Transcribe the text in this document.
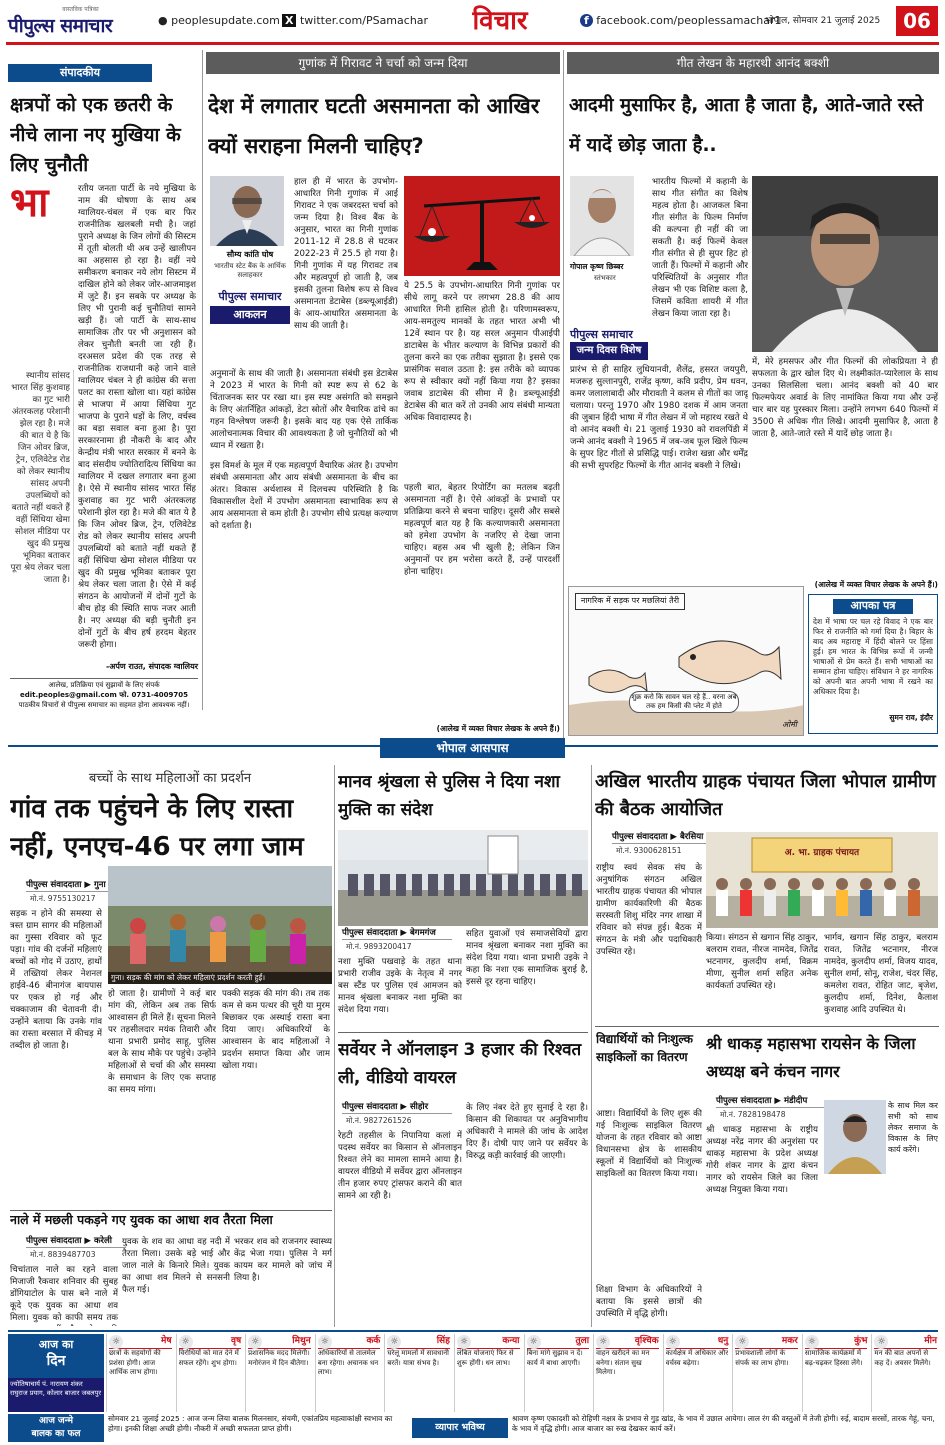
वास्तविक पत्रिका
पीपुल्स समाचार	● peoplesupdate.com X twitter.com/PSamachar	विचार	f facebook.com/peoplessamachar1
भोपाल, सोमवार 21 जुलाई 2025	06
संपादकीय
क्षत्रपों को एक छतरी के नीचे लाना नए मुखिया के लिए चुनौती
भा	रतीय जनता पार्टी के नये मुखिया के नाम की घोषणा के साथ अब ग्वालियर-चंबल में एक बार फिर राजनीतिक खलबली मची है। जहां पुराने अध्यक्ष के जिन लोगों की सिस्टम में तूती बोलती थी अब उन्हें खालीपन का अहसास हो रहा है। वहीं नये समीकरण बनाकर नये लोग सिस्टम में दाखिल होने को लेकर जोर-आजमाइश में जुटे हैं। इन सबके पर अध्यक्ष के लिए भी पुरानी कई चुनौतियां सामने खड़ी हैं। जो पार्टी के साथ-साथ सामाजिक तौर पर भी अनुशासन को लेकर चुनौती बनती जा रही हैं। दरअसल प्रदेश की एक तरह से राजनीतिक राजधानी कहे जाने वाले ग्वालियर चंबल ने ही कांग्रेस की सत्ता पलट का रास्ता खोला था। यहां कांग्रेस से भाजपा में आया सिंधिया गुट भाजपा के पुराने धड़ों के लिए, वर्चस्व का बड़ा सवाल बना हुआ है। पूरा सरकारनामा ही नौकरी के बाद और केन्द्रीय मंत्री भारत सरकार में बनने के बाद संसदीय ज्योतिरादित्य सिंधिया का ग्वालियर में दखल लगातार बना हुआ है। ऐसे में स्थानीय सांसद भारत सिंह कुशवाह का गुट भारी अंतरकलह परेशानी झेल रहा है। मजे की बात ये है कि जिन ओवर ब्रिज, ट्रेन, एलिवेटेड रोड को लेकर स्थानीय सांसद अपनी उपलब्धियों को बताते नहीं थकते हैं वहीं सिंधिया खेमा सोशल मीडिया पर खुद की प्रमुख भूमिका बताकर पूरा श्रेय लेकर चला जाता है। ऐसे में कई संगठन के आयोजनों में दोनों गुटों के बीच होड़ की स्थिति साफ नजर आती है। नए अध्यक्ष की बड़ी चुनौती इन दोनों गुटों के बीच हर्ष हरदम बेहतर जरूरी होगा।
स्थानीय सांसद भारत सिंह कुशवाह का गुट भारी अंतरकलह परेशानी झेल रहा है। मजे की बात ये है कि जिन ओवर ब्रिज, ट्रेन, एलिवेटेड रोड को लेकर स्थानीय सांसद अपनी उपलब्धियों को बताते नहीं थकते हैं वहीं सिंधिया खेमा सोशल मीडिया पर खुद की प्रमुख भूमिका बताकर पूरा श्रेय लेकर चला जाता है।
-अर्पण राउत, संपादक ग्वालियर
आलेख, प्रतिक्रिया एवं सुझावों के लिए संपर्क
edit.peoples@gmail.com फो. 0731-4009705
पाठकीय विचारों से पीपुल्स समाचार का सहमत होना आवश्यक नहीं।
गुणांक में गिरावट ने चर्चा को जन्म दिया
देश में लगातार घटती असमानता को आखिर क्यों सराहना मिलनी चाहिए?
सौम्य कांति घोष
भारतीय स्टेट बैंक के आर्थिक सलाहकार
पीपुल्स समाचार
आकलन
हाल ही में भारत के उपभोग-आधारित गिनी गुणांक में आई गिरावट ने एक जबरदस्त चर्चा को जन्म दिया है। विश्व बैंक के अनुसार, भारत का गिनी गुणांक 2011-12 में 28.8 से घटकर 2022-23 में 25.5 हो गया है। गिनी गुणांक में यह गिरावट तब और महत्वपूर्ण हो जाती है, जब इसकी तुलना विशेष रूप से विश्व असमानता डेटाबेस (डब्ल्यूआईडी) के आय-आधारित असमानता के साथ की जाती है।
अनुमानों के साथ की जाती है। असमानता संबंधी इस डेटाबेस ने 2023 में भारत के गिनी को स्पष्ट रूप से 62 के चिंताजनक स्तर पर रखा था। इस स्पष्ट असंगति को समझने के लिए अंतर्निहित आंकड़ों, डेटा स्रोतों और वैचारिक ढांचे का गहन विश्लेषण जरूरी है। इसके बाद यह एक ऐसे तार्किक आलोचनात्मक विचार की आवश्यकता है जो चुनौतियों को भी ध्यान में रखता है।
इस विमर्श के मूल में एक महत्वपूर्ण वैचारिक अंतर है। उपभोग संबंधी असमानता और आय संबंधी असमानता के बीच का अंतर। विकास अर्थशास्त्र में दिलचस्प परिस्थिति है कि विकासशील देशों में उपभोग असमानता स्वाभाविक रूप से आय असमानता से कम होती है। उपभोग सीधे प्रत्यक्ष कल्याण को दर्शाता है।
ये 25.5 के उपभोग-आधारित गिनी गुणांक पर सीधे लागू करने पर लगभग 28.8 की आय आधारित गिनी हासिल होती है। परिणामस्वरूप, आय-समतुल्य मानकों के तहत भारत अभी भी 12वें स्थान पर है। यह सरल अनुमान पीआईपी डाटाबेस के भीतर कल्याण के विभिन्न प्रकारों की तुलना करने का एक तरीका सुझाता है। इससे एक प्रासंगिक सवाल उठता है: इस तरीके को व्यापक रूप से स्वीकार क्यों नहीं किया गया है? इसका जवाब डाटाबेस की सीमा में है। डब्ल्यूआईडी डेटाबेस की बात करें तो उनकी आय संबंधी मान्यता अधिक विवादास्पद है।
पहली बात, बेहतर रिपोर्टिंग का मतलब बढ़ती असमानता नहीं है। ऐसे आंकड़ों के प्रभावों पर प्रतिक्रिया करने से बचना चाहिए। दूसरी और सबसे महत्वपूर्ण बात यह है कि कल्याणकारी असमानता को हमेशा उपभोग के नजरिए से देखा जाना चाहिए। बहस अब भी खुली है; लेकिन जिन अनुमानों पर हम भरोसा करते हैं, उन्हें पारदर्शी होना चाहिए।
(आलेख में व्यक्त विचार लेखक के अपने हैं।)
गीत लेखन के महारथी आनंद बक्शी
आदमी मुसाफिर है, आता है जाता है, आते-जाते रस्ते में यादें छोड़ जाता है..
गोपाल कृष्ण छिब्बर
स्तंभकार
भारतीय फिल्मों में कहानी के साथ गीत संगीत का विशेष महत्व होता है। आजकल बिना गीत संगीत के फिल्म निर्माण की कल्पना ही नहीं की जा सकती है। कई फिल्में केवल गीत संगीत से ही सुपर हिट हो जाती हैं। फिल्मों में कहानी और परिस्थितियों के अनुसार गीत लेखन भी एक विशिष्ट कला है, जिसमें कविता शायरी में गीत लेखन किया जाता रहा है।
पीपुल्स समाचार
जन्म दिवस विशेष
प्रारंभ से ही साहिर लुधियानवी, शैलेंद्र, हसरत जयपुरी, मजरूह सुल्तानपुरी, राजेंद्र कृष्ण, कवि प्रदीप, प्रेम धवन, कमर जलालाबादी और मौरावती ने कलम से गीतों का जादू चलाया। परन्तु 1970 और 1980 दशक में आम जनता की जुबान हिंदी भाषा में गीत लेखन में जो महारथ रखते थे वो आनंद बक्शी थे। 21 जुलाई 1930 को रावलपिंडी में जन्मे आनंद बक्शी ने 1965 में जब-जब फूल खिले फिल्म के सुपर हिट गीतों से प्रसिद्धि पाई। राजेश खन्ना और धर्मेंद्र की सभी सुपरहिट फिल्मों के गीत आनंद बक्शी ने लिखे।
में, मेरे हमसफर और गीत फिल्मों की लोकप्रियता ने ही सफलता के द्वार खोल दिए थे। लक्ष्मीकांत-प्यारेलाल के साथ उनका सिलसिला चला। आनंद बक्शी को 40 बार फिल्मफेयर अवार्ड के लिए नामांकित किया गया और उन्हें चार बार यह पुरस्कार मिला। उन्होंने लगभग 640 फिल्मों में 3500 से अधिक गीत लिखे। आदमी मुसाफिर है, आता है जाता है, आते-जाते रस्ते में यादें छोड़ जाता है।
(आलेख में व्यक्त विचार लेखक के अपने हैं।)
नागरिक में सड़क पर मछलियां तैरी
शुक्र करो कि सावन चल रहे हैं.. वरना अब तक हम किसी की प्लेट में होते
ओमी
आपका पत्र
देश में भाषा पर चल रहे विवाद ने एक बार फिर से राजनीति को गर्मा दिया है। बिहार के बाद अब महाराष्ट्र में हिंदी बोलने पर हिंसा हुई। हम भारत के विभिन्न रूपों में जन्मी भाषाओं से प्रेम करते हैं। सभी भाषाओं का सम्मान होना चाहिए। संविधान ने हर नागरिक को अपनी बात अपनी भाषा में रखने का अधिकार दिया है।
सुमन राव, इंदौर
भोपाल आसपास
बच्चों के साथ महिलाओं का प्रदर्शन
गांव तक पहुंचने के लिए रास्ता नहीं, एनएच-46 पर लगा जाम
पीपुल्स संवाददाता ▶ गुना
मो.नं. 9755130217
सड़क न होने की समस्या से त्रस्त ग्राम सागर की महिलाओं का गुस्सा रविवार को फूट पड़ा। गांव की दर्जनों महिलाएं बच्चों को गोद में उठाए, हाथों में तख्तियां लेकर नेशनल हाईवे-46 बीनागंज बायपास पर एकत्र हो गई और चक्काजाम की चेतावनी दी। उन्होंने बताया कि उनके गांव का रास्ता बरसात में कीचड़ में तब्दील हो जाता है।
गुना। सड़क की मांग को लेकर महिलाएं प्रदर्शन करती हुईं।
हो जाता है। ग्रामीणों ने कई बार मांग की, लेकिन अब तक सिर्फ आश्वासन ही मिले हैं। सूचना मिलने पर तहसीलदार मयंक तिवारी और थाना प्रभारी प्रमोद साहू, पुलिस बल के साथ मौके पर पहुंचे। उन्होंने महिलाओं से चर्चा की और समस्या के समाधान के लिए एक सप्ताह का समय मांगा।
पक्की सड़क की मांग की। तब तक कम से कम पत्थर की चूरी या मुरम बिछाकर एक अस्थाई रास्ता बना दिया जाए। अधिकारियों के आश्वासन के बाद महिलाओं ने प्रदर्शन समाप्त किया और जाम खोला गया।
नाले में मछली पकड़ने गए युवक का आधा शव तैरता मिला
पीपुल्स संवाददाता ▶ करेली
मो.नं. 8839487703
चिचांताल नाले का रहने वाला मिजाजी रैकवार शनिवार की सुबह डोंगियाटोल के पास बने नाले में कूदे एक युवक का आधा शव मिला। युवक को काफी समय तक
युवक के शव का आधा वह नदी में तैरता मिला। उसके बड़े भाई और जाल नाले के किनारे मिले। युवक का आधा शव मिलने से सनसनी फैल गई।
भरकर शव को राजनगर स्वास्थ्य केंद्र भेजा गया। पुलिस ने मर्ग कायम कर मामले को जांच में लिया है।
मानव श्रृंखला से पुलिस ने दिया नशा मुक्ति का संदेश
पीपुल्स संवाददाता ▶ बेगमगंज
मो.नं. 9893200417
नशा मुक्ति पखवाड़े के तहत थाना प्रभारी राजीव उइके के नेतृत्व में नगर बस स्टैंड पर पुलिस एवं आमजन को मानव श्रृंखला बनाकर नशा मुक्ति का संदेश दिया गया।
सहित युवाओं एवं समाजसेवियों द्वारा मानव श्रृंखला बनाकर नशा मुक्ति का संदेश दिया गया। थाना प्रभारी उइके ने कहा कि नशा एक सामाजिक बुराई है, इससे दूर रहना चाहिए।
सर्वेयर ने ऑनलाइन 3 हजार की रिश्वत ली, वीडियो वायरल
पीपुल्स संवाददाता ▶ सीहोर
मो.नं. 9827261526
रेहटी तहसील के निपानिया कलां में पदस्थ सर्वेयर का किसान से ऑनलाइन रिश्वत लेने का मामला सामने आया है। वायरल वीडियो में सर्वेयर द्वारा ऑनलाइन तीन हजार रुपए ट्रांसफर कराने की बात सामने आ रही है।
के लिए नंबर देते हुए सुनाई दे रहा है। किसान की शिकायत पर अनुविभागीय अधिकारी ने मामले की जांच के आदेश दिए हैं। दोषी पाए जाने पर सर्वेयर के विरुद्ध कड़ी कार्रवाई की जाएगी।
अखिल भारतीय ग्राहक पंचायत जिला भोपाल ग्रामीण की बैठक आयोजित
पीपुल्स संवाददाता ▶ बैरसिया
मो.नं. 9300628151
राष्ट्रीय स्वयं सेवक संघ के अनुषांगिक संगठन अखिल भारतीय ग्राहक पंचायत की भोपाल ग्रामीण कार्यकारिणी की बैठक सरस्वती शिशु मंदिर नगर शाखा में रविवार को संपन्न हुई। बैठक में संगठन के मंत्री और पदाधिकारी उपस्थित रहे।
अ. भा. ग्राहक पंचायत
किया। संगठन से खगान सिंह ठाकुर, बलराम रावत, नीरज नामदेव, जितेंद्र भटनागर, कुलदीप शर्मा, विक्रम मीणा, सुनील शर्मा सहित अनेक कार्यकर्ता उपस्थित रहे।
भार्गव, खगान सिंह ठाकुर, बलराम रावत, जितेंद्र भटनागर, नीरज नामदेव, कुलदीप शर्मा, विजय यादव, सुनील शर्मा, सोनू, राजेश, चंदर सिंह, कमलेश रावत, रोहित जाट, बृजेश, कुलदीप शर्मा, दिनेश, कैलाश कुशवाह आदि उपस्थित थे।
विद्यार्थियों को निःशुल्क साइकिलों का वितरण
आष्टा। विद्यार्थियों के लिए शुरू की गई निःशुल्क साइकिल वितरण योजना के तहत रविवार को आष्टा विधानसभा क्षेत्र के शासकीय स्कूलों में विद्यार्थियों को निःशुल्क साइकिलों का वितरण किया गया।
शिक्षा विभाग के अधिकारियों ने बताया कि इससे छात्रों की उपस्थिति में वृद्धि होगी।
श्री धाकड़ महासभा रायसेन के जिला अध्यक्ष बने कंचन नागर
पीपुल्स संवाददाता ▶ मंडीदीप
मो.नं. 7828198478
श्री धाकड़ महासभा के राष्ट्रीय अध्यक्ष नरेंद्र नागर की अनुशंसा पर धाकड़ महासभा के प्रदेश अध्यक्ष गोरी शंकर नागर के द्वारा कंचन नागर को रायसेन जिले का जिला अध्यक्ष नियुक्त किया गया।
के साथ मिल कर सभी को साथ लेकर समाज के विकास के लिए कार्य करेंगे।
आज का
दिन
ज्योतिषाचार्य पं. नारायण शंकर राघुराज प्रयाग, कोलार बाजार जबलपुर
☼	मेष
छात्रों के सहयोगों की प्रशंसा होगी। आज आर्थिक लाभ होगा।
☼	वृष
विरोधियों को मात देने में सफल रहेंगे। शुभ होगा।
☼	मिथुन
प्रशासनिक मदद मिलेगी। मनोरंजन में दिन बीतेगा।
☼	कर्क
अधिकारियों से तालमेल बना रहेगा। अचानक धन लाभ।
☼	सिंह
घरेलू मामलों में सावधानी बरतें। यात्रा संभव है।
☼	कन्या
लंबित योजनाएं फिर से शुरू होंगी। धन लाभ।
☼	तुला
बिना मांगे सुझाव न दें। कार्य में बाधा आएगी।
☼	वृश्चिक
वाहन खरीदने का मन बनेगा। संतान सुख मिलेगा।
☼	धनु
कार्यक्षेत्र में अधिकार और वर्चस्व बढ़ेगा।
☼	मकर
प्रभावशाली लोगों के संपर्क का लाभ होगा।
☼	कुंभ
सामाजिक कार्यक्रमों में बढ़-चढ़कर हिस्सा लेंगे।
☼	मीन
मन की बात अपनों से कह दें। अवसर मिलेंगे।
आज जन्मे
बालक का फल
सोमवार 21 जुलाई 2025 : आज जन्म लिया बालक मिलनसार, संयमी, एकांतप्रिय महत्वाकांक्षी स्वभाव का होगा। इनकी शिक्षा अच्छी होगी। नौकरी में अच्छी सफलता प्राप्त होगी।	व्यापार भविष्य
श्रावण कृष्ण एकादशी को रोहिणी नक्षत्र के प्रभाव से गुड़ खांड, के भाव में उछाल आयेगा। लाल रंग की वस्तुओं में तेजी होगी। रुई, बादाम सरसों, तारक गेहूं, चना, के भाव में वृद्धि होगी। आज बाजार का रुख देखकर कार्य करें।
